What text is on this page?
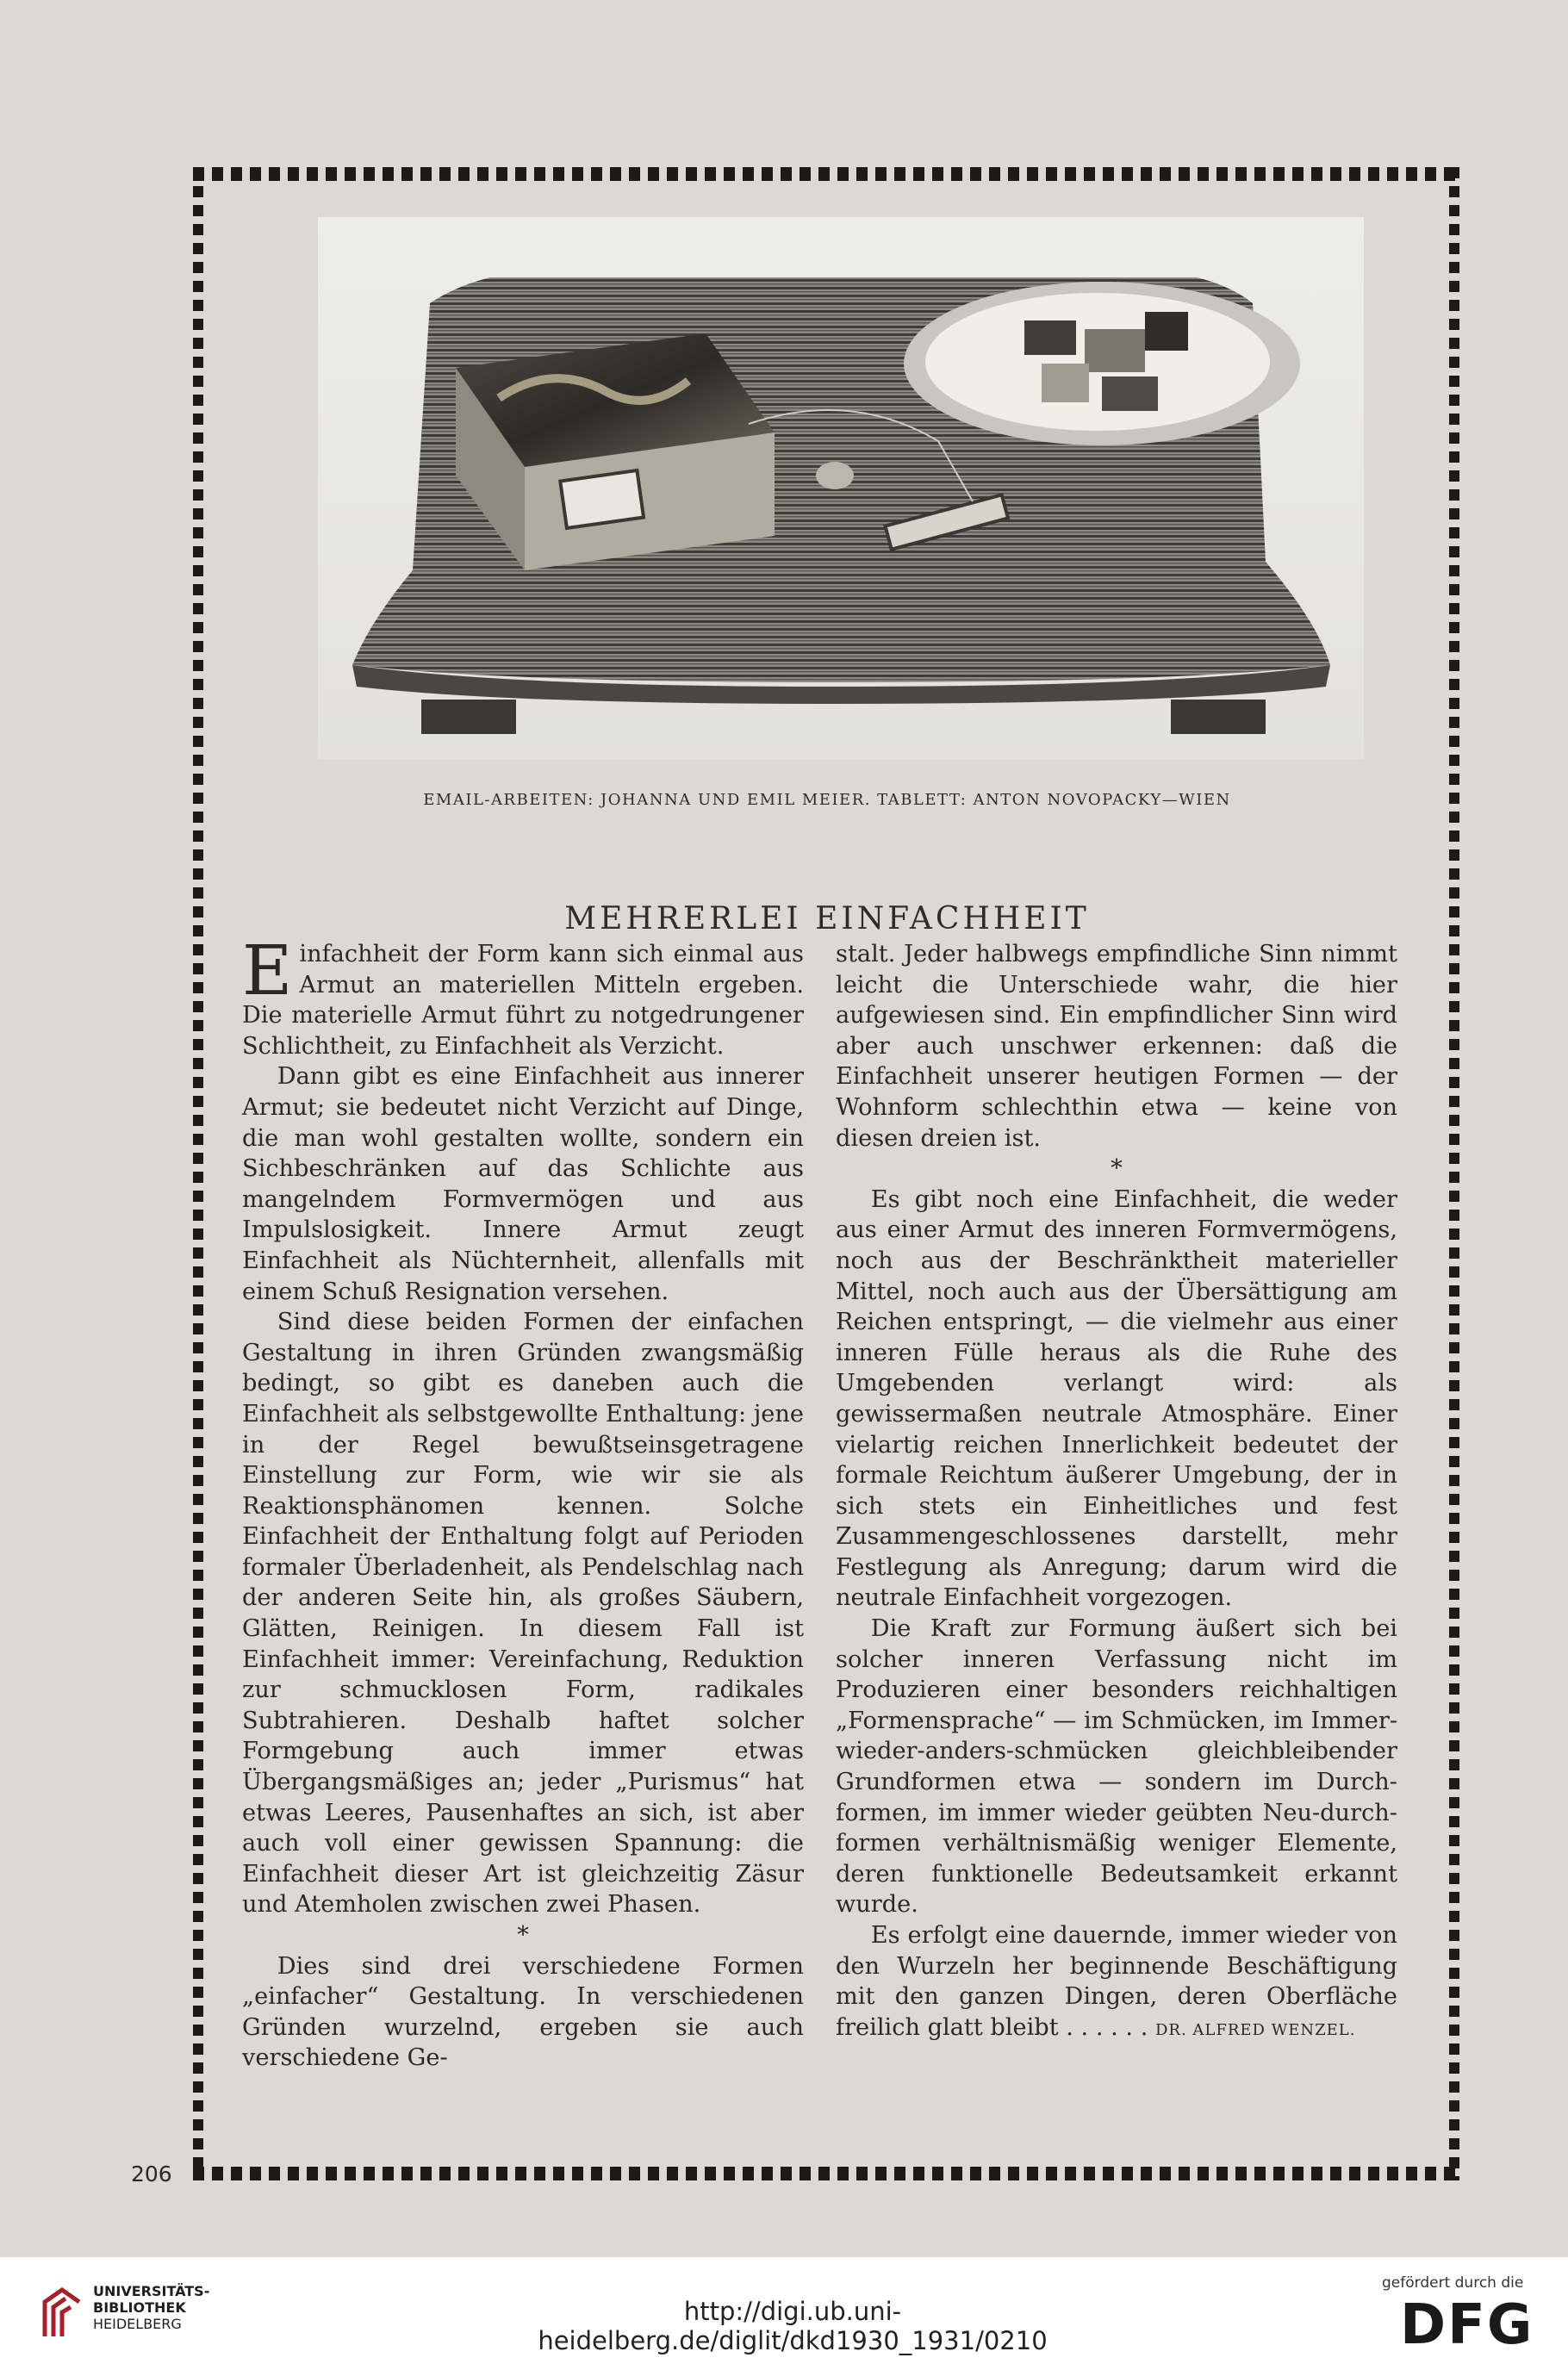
EMAIL-ARBEITEN: JOHANNA UND EMIL MEIER. TABLETT: ANTON NOVOPACKY—WIEN
MEHRERLEI EINFACHHEIT

Einfachheit der Form kann sich einmal aus Armut an materiellen Mitteln ergeben. Die materielle Armut führt zu notgedrungener Schlichtheit, zu Einfachheit als Verzicht.

Dann gibt es eine Einfachheit aus innerer Armut; sie bedeutet nicht Verzicht auf Dinge, die man wohl gestalten wollte, sondern ein Sichbeschränken auf das Schlichte aus mangelndem Formvermögen und aus Impulslosigkeit. Innere Armut zeugt Einfachheit als Nüchternheit, allenfalls mit einem Schuß Resignation versehen.

Sind diese beiden Formen der einfachen Gestaltung in ihren Gründen zwangsmäßig bedingt, so gibt es daneben auch die Einfachheit als selbstgewollte Enthaltung: jene in der Regel bewußtseinsgetragene Einstellung zur Form, wie wir sie als Reaktionsphänomen kennen. Solche Einfachheit der Enthaltung folgt auf Perioden formaler Überladenheit, als Pendelschlag nach der anderen Seite hin, als großes Säubern, Glätten, Reinigen. In diesem Fall ist Einfachheit immer: Vereinfachung, Reduktion zur schmucklosen Form, radikales Subtrahieren. Deshalb haftet solcher Formgebung auch immer etwas Übergangsmäßiges an; jeder „Purismus“ hat etwas Leeres, Pausenhaftes an sich, ist aber auch voll einer gewissen Spannung: die Einfachheit dieser Art ist gleichzeitig Zäsur und Atemholen zwischen zwei Phasen.

*

Dies sind drei verschiedene Formen „einfacher“ Gestaltung. In verschiedenen Gründen wurzelnd, ergeben sie auch verschiedene Ge-

stalt. Jeder halbwegs empfindliche Sinn nimmt leicht die Unterschiede wahr, die hier aufgewiesen sind. Ein empfindlicher Sinn wird aber auch unschwer erkennen: daß die Einfachheit unserer heutigen Formen — der Wohnform schlechthin etwa — keine von diesen dreien ist.

*

Es gibt noch eine Einfachheit, die weder aus einer Armut des inneren Formvermögens, noch aus der Beschränktheit materieller Mittel, noch auch aus der Übersättigung am Reichen entspringt, — die vielmehr aus einer inneren Fülle heraus als die Ruhe des Umgebenden verlangt wird: als gewissermaßen neutrale Atmosphäre. Einer vielartig reichen Innerlichkeit bedeutet der formale Reichtum äußerer Umgebung, der in sich stets ein Einheitliches und fest Zusammengeschlossenes darstellt, mehr Festlegung als Anregung; darum wird die neutrale Einfachheit vorgezogen.

Die Kraft zur Formung äußert sich bei solcher inneren Verfassung nicht im Produzieren einer besonders reichhaltigen „Formensprache“ — im Schmücken, im Immer-wieder-anders-schmücken gleichbleibender Grundformen etwa — sondern im Durch-formen, im immer wieder geübten Neu-durch-formen verhältnismäßig weniger Elemente, deren funktionelle Bedeutsamkeit erkannt wurde.

Es erfolgt eine dauernde, immer wieder von den Wurzeln her beginnende Beschäftigung mit den ganzen Dingen, deren Oberfläche freilich glatt bleibt . . . . . . DR. ALFRED WENZEL.

206
UNIVERSITÄTS-
BIBLIOTHEK
HEIDELBERG	http://digi.ub.uni-heidelberg.de/diglit/dkd1930_1931/0210
gefördert durch die
DFG
